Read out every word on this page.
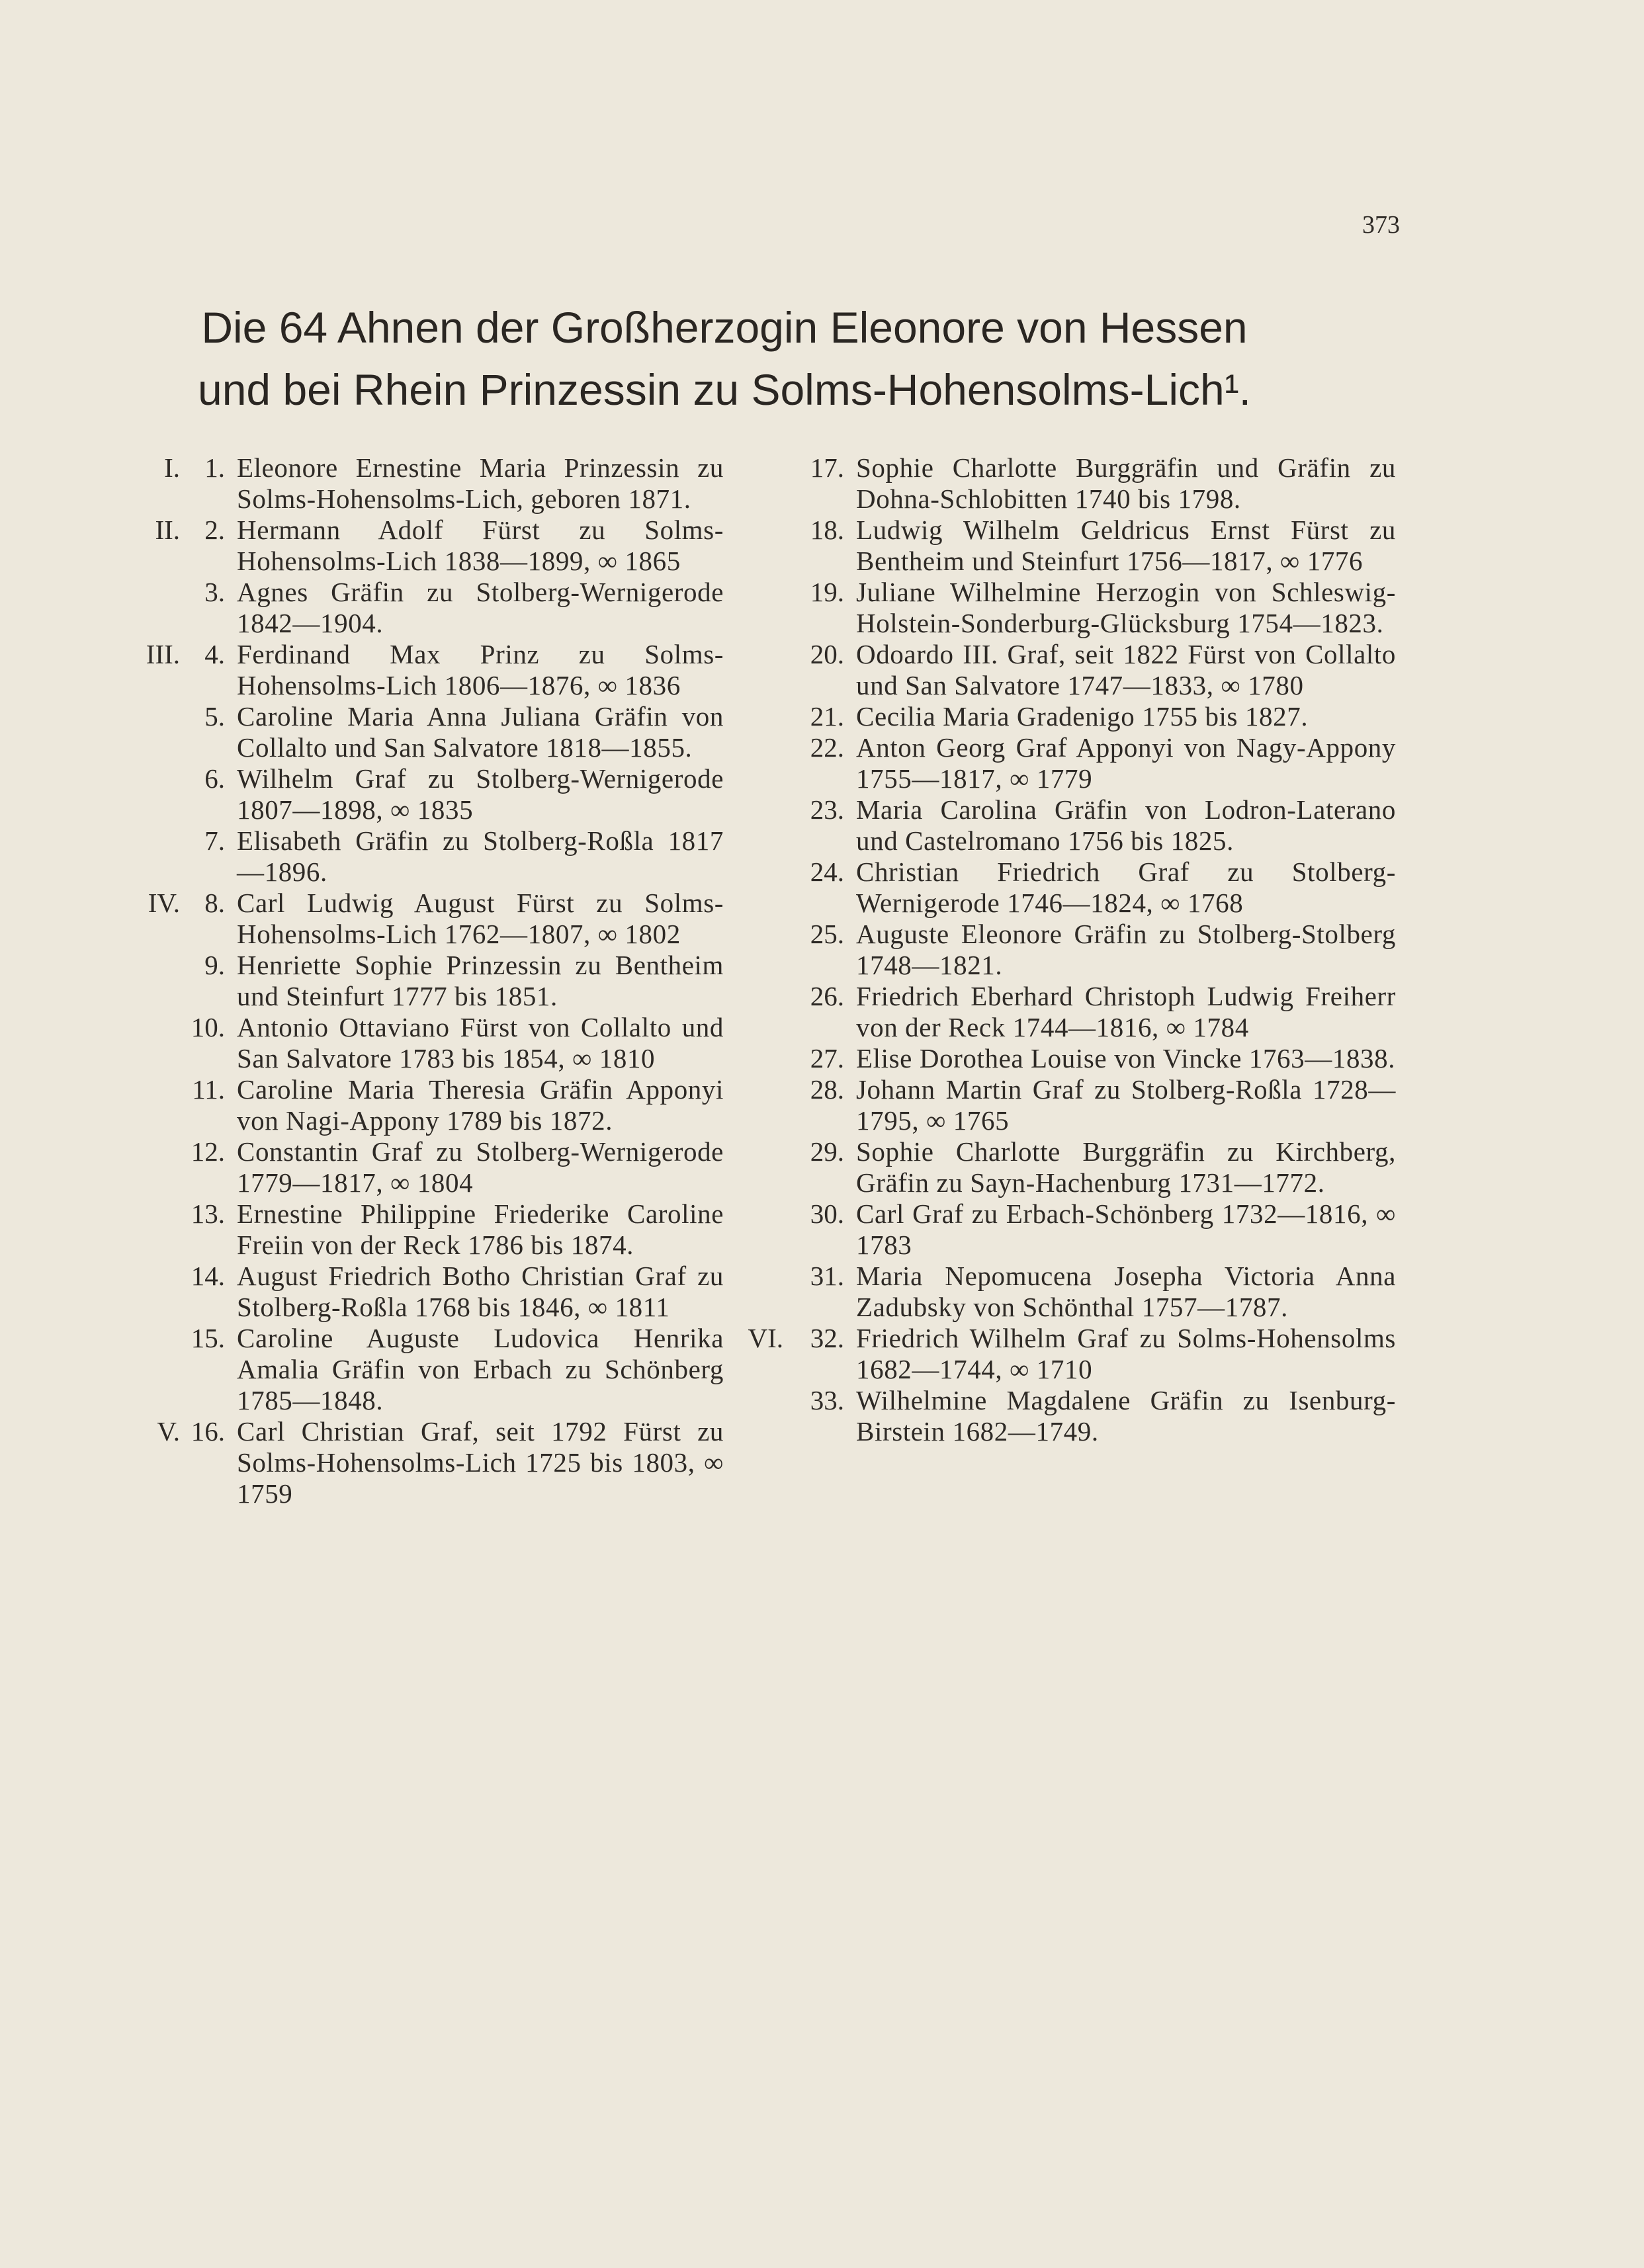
373
Die 64 Ahnen der Großherzogin Eleonore von Hessen
und bei Rhein Prinzessin zu Solms-Hohensolms-Lich¹.
I. 1. Eleonore Ernestine Maria Prinzessin zu Solms-Hohensolms-Lich, geboren 1871.
II. 2. Hermann Adolf Fürst zu Solms-Hohensolms-Lich 1838—1899, ∞ 1865
3. Agnes Gräfin zu Stolberg-Wernigerode 1842—1904.
III. 4. Ferdinand Max Prinz zu Solms-Hohensolms-Lich 1806—1876, ∞ 1836
5. Caroline Maria Anna Juliana Gräfin von Collalto und San Salvatore 1818—1855.
6. Wilhelm Graf zu Stolberg-Wernigerode 1807—1898, ∞ 1835
7. Elisabeth Gräfin zu Stolberg-Roßla 1817—1896.
IV. 8. Carl Ludwig August Fürst zu Solms-Hohensolms-Lich 1762—1807, ∞ 1802
9. Henriette Sophie Prinzessin zu Bentheim und Steinfurt 1777 bis 1851.
10. Antonio Ottaviano Fürst von Collalto und San Salvatore 1783 bis 1854, ∞ 1810
11. Caroline Maria Theresia Gräfin Apponyi von Nagi-Appony 1789 bis 1872.
12. Constantin Graf zu Stolberg-Wernigerode 1779—1817, ∞ 1804
13. Ernestine Philippine Friederike Caroline Freiin von der Reck 1786 bis 1874.
14. August Friedrich Botho Christian Graf zu Stolberg-Roßla 1768 bis 1846, ∞ 1811
15. Caroline Auguste Ludovica Henrika Amalia Gräfin von Erbach zu Schönberg 1785—1848.
V. 16. Carl Christian Graf, seit 1792 Fürst zu Solms-Hohensolms-Lich 1725 bis 1803, ∞ 1759
17. Sophie Charlotte Burggräfin und Gräfin zu Dohna-Schlobitten 1740 bis 1798.
18. Ludwig Wilhelm Geldricus Ernst Fürst zu Bentheim und Steinfurt 1756—1817, ∞ 1776
19. Juliane Wilhelmine Herzogin von Schleswig-Holstein-Sonderburg-Glücksburg 1754—1823.
20. Odoardo III. Graf, seit 1822 Fürst von Collalto und San Salvatore 1747—1833, ∞ 1780
21. Cecilia Maria Gradenigo 1755 bis 1827.
22. Anton Georg Graf Apponyi von Nagy-Appony 1755—1817, ∞ 1779
23. Maria Carolina Gräfin von Lodron-Laterano und Castelromano 1756 bis 1825.
24. Christian Friedrich Graf zu Stolberg-Wernigerode 1746—1824, ∞ 1768
25. Auguste Eleonore Gräfin zu Stolberg-Stolberg 1748—1821.
26. Friedrich Eberhard Christoph Ludwig Freiherr von der Reck 1744—1816, ∞ 1784
27. Elise Dorothea Louise von Vincke 1763—1838.
28. Johann Martin Graf zu Stolberg-Roßla 1728—1795, ∞ 1765
29. Sophie Charlotte Burggräfin zu Kirchberg, Gräfin zu Sayn-Hachenburg 1731—1772.
30. Carl Graf zu Erbach-Schönberg 1732—1816, ∞ 1783
31. Maria Nepomucena Josepha Victoria Anna Zadubsky von Schönthal 1757—1787.
VI. 32. Friedrich Wilhelm Graf zu Solms-Hohensolms 1682—1744, ∞ 1710
33. Wilhelmine Magdalene Gräfin zu Isenburg-Birstein 1682—1749.
